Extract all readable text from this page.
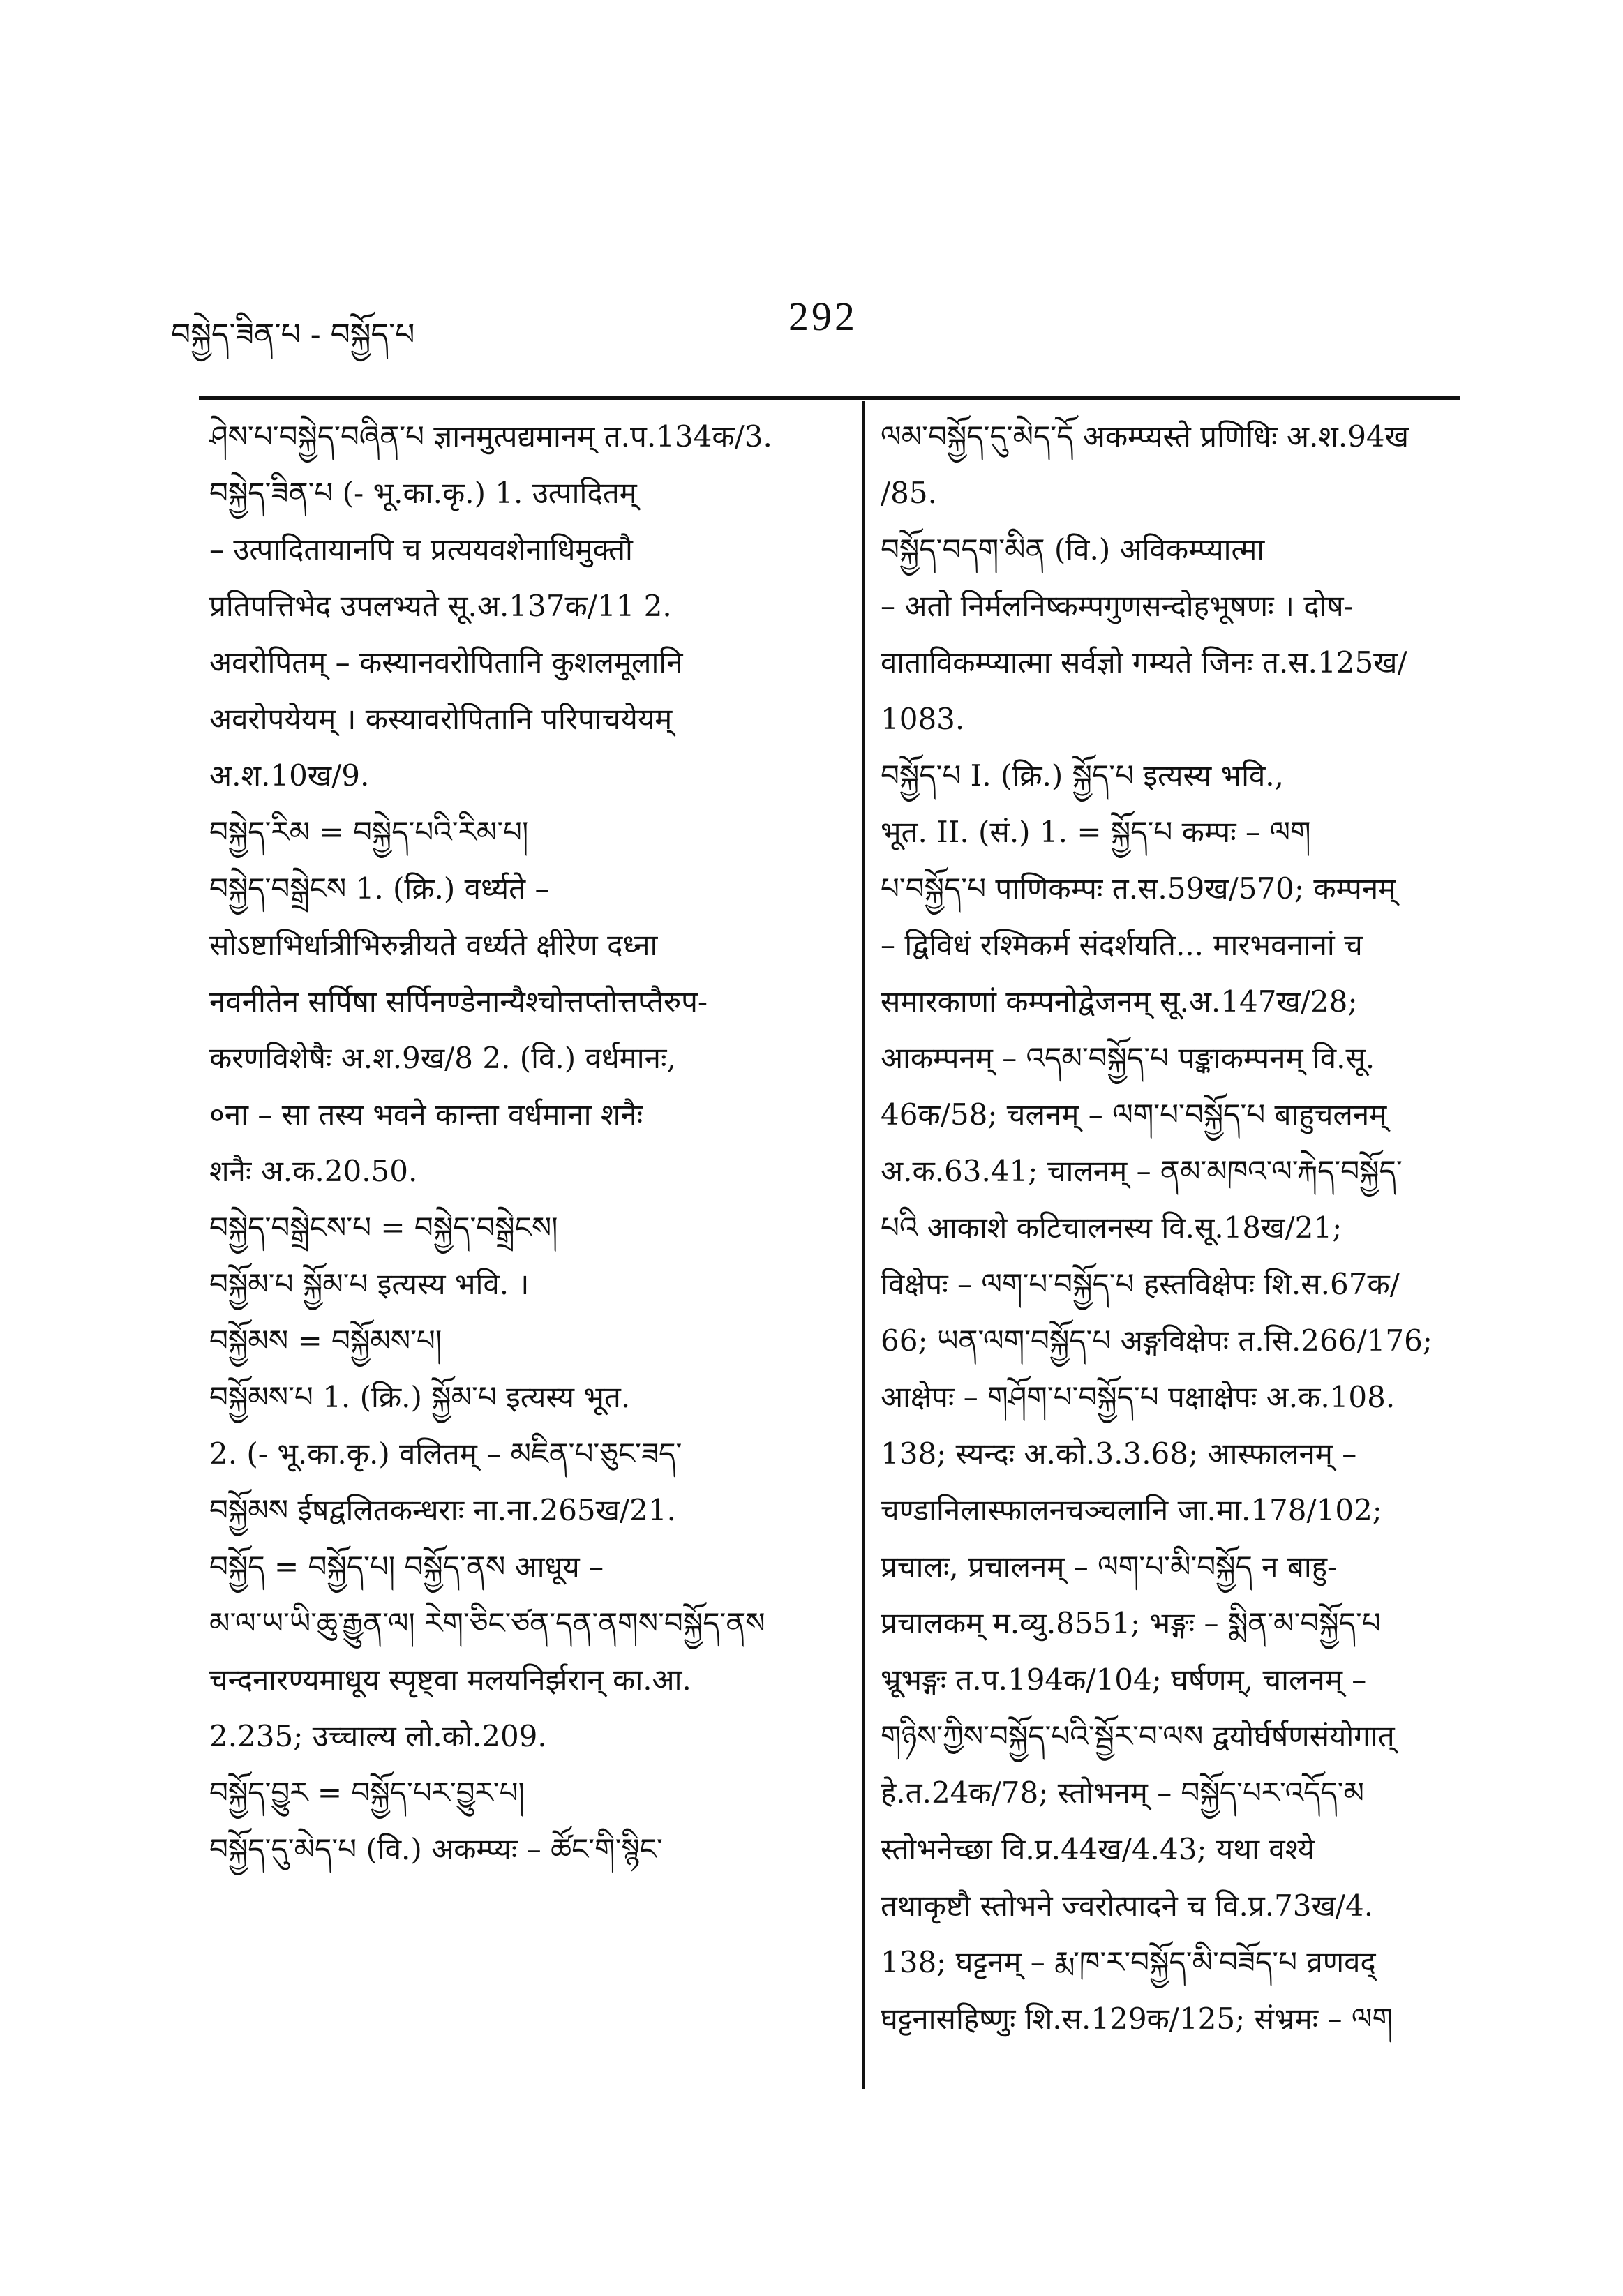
བསྐྱེད་ཟིན་པ - བསྐྱོད་པ	292
ཤེས་པ་བསྐྱེད་བཞིན་པ ज्ञानमुत्पद्यमानम् त.प.134क/3.
བསྐྱེད་ཟིན་པ (- भू.का.कृ.) 1. उत्पादितम्
– उत्पादितायानपि च प्रत्ययवशेनाधिमुक्तौ
प्रतिपत्तिभेद उपलभ्यते सू.अ.137क/11 2.
अवरोपितम् – कस्यानवरोपितानि कुशलमूलानि
अवरोपयेयम् । कस्यावरोपितानि परिपाचयेयम्
अ.श.10ख/9.
བསྐྱེད་རིམ = བསྐྱེད་པའི་རིམ་པ།
བསྐྱེད་བསྒྲེངས 1. (क्रि.) वर्ध्यते –
सोऽष्टाभिर्धात्रीभिरुन्नीयते वर्ध्यते क्षीरेण दध्ना
नवनीतेन सर्पिषा सर्पिनण्डेनान्यैश्चोत्तप्तोत्तप्तैरुप-
करणविशेषैः अ.श.9ख/8 2. (वि.) वर्धमानः,
०ना – सा तस्य भवने कान्ता वर्धमाना शनैः
शनैः अ.क.20.50.
བསྐྱེད་བསྒྲེངས་པ = བསྐྱེད་བསྒྲེངས།
བསྐྱོམ་པ སྐྱོམ་པ इत्यस्य भवि. ।
བསྐྱོམས = བསྐྱོམས་པ།
བསྐྱོམས་པ 1. (क्रि.) སྐྱོམ་པ इत्यस्य भूत.
2. (- भू.का.कृ.) वलितम् – མཇིན་པ་ཅུང་ཟད་
བསྐྱོམས ईषद्वलितकन्धराः ना.ना.265ख/21.
བསྐྱོད = བསྐྱོད་པ། བསྐྱོད་ནས आधूय –
མ་ལ་ཡ་ཡི་ཆུ་རྒྱུན་ལ། རེག་ཅིང་ཙན་དན་ནགས་བསྐྱོད་ནས
चन्दनारण्यमाधूय स्पृष्ट्वा मलयनिर्झरान् का.आ.
2.235; उच्चाल्य लो.को.209.
བསྐྱོད་བྱུར = བསྐྱོད་པར་བྱུར་པ།
བསྐྱོད་དུ་མེད་པ (वि.) अकम्प्यः – ཚོང་གི་སྙིང་
ལམ་བསྐྱོད་དུ་མེད་དོ अकम्प्यस्ते प्रणिधिः अ.श.94ख
/85.
བསྐྱོད་བདག་མིན (वि.) अविकम्प्यात्मा
– अतो निर्मलनिष्कम्पगुणसन्दोहभूषणः । दोष-
वाताविकम्प्यात्मा सर्वज्ञो गम्यते जिनः त.स.125ख/
1083.
བསྐྱོད་པ I. (क्रि.) སྐྱོད་པ इत्यस्य भवि.,
भूत. II. (सं.) 1. = སྐྱོད་པ कम्पः – ལག
པ་བསྐྱོད་པ पाणिकम्पः त.स.59ख/570; कम्पनम्
– द्विविधं रश्मिकर्म संदर्शयति... मारभवनानां च
समारकाणां कम्पनोद्वेजनम् सू.अ.147ख/28;
आकम्पनम् – འདམ་བསྐྱོད་པ पङ्काकम्पनम् वि.सू.
46क/58; चलनम् – ལག་པ་བསྐྱོད་པ बाहुचलनम्
अ.क.63.41; चालनम् – ནམ་མཁའ་ལ་རྐེད་བསྐྱོད་
པའི आकाशे कटिचालनस्य वि.सू.18ख/21;
विक्षेपः – ལག་པ་བསྐྱོད་པ हस्तविक्षेपः शि.स.67क/
66; ཡན་ལག་བསྐྱོད་པ अङ्गविक्षेपः त.सि.266/176;
आक्षेपः – གཤོག་པ་བསྐྱོད་པ पक्षाक्षेपः अ.क.108.
138; स्यन्दः अ.को.3.3.68; आस्फालनम् –
चण्डानिलास्फालनचञ्चलानि जा.मा.178/102;
प्रचालः, प्रचालनम् – ལག་པ་མི་བསྐྱོད न बाहु-
प्रचालकम् म.व्यु.8551; भङ्गः – སྨིན་མ་བསྐྱོད་པ
भ्रूभङ्गः त.प.194क/104; घर्षणम्, चालनम् –
གཉིས་ཀྱིས་བསྐྱོད་པའི་སྦྱོར་བ་ལས द्वयोर्घर्षणसंयोगात्
हे.त.24क/78; स्तोभनम् – བསྐྱོད་པར་འདོད་མ
स्तोभनेच्छा वि.प्र.44ख/4.43; यथा वश्ये
तथाकृष्टौ स्तोभने ज्वरोत्पादने च वि.प्र.73ख/4.
138; घट्टनम् – རྨ་ཁ་ར་བསྐྱོད་མི་བཟོད་པ व्रणवद्
घट्टनासहिष्णुः शि.स.129क/125; संभ्रमः – ལག
